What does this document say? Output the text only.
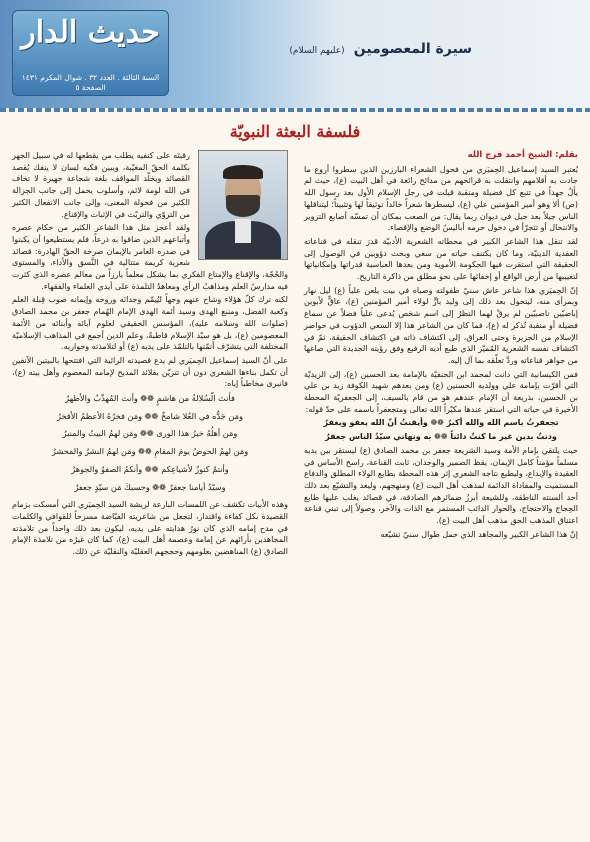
حديث الدار
السنة الثالثة . العدد ٣٢ . شوال المكرم ١٤٣١
الصفحة ٥
سيرة المعصومين (عليهم السلام)
فلسفة البعثة النبويّة
بقلم: الشيخ أحمد فرج الله

يُعتبر السيد إسماعيل الحِميَري من فحول الشعراء البارزين الذين سطروا أروع ما جادت به أقلامهم وانتقلت به قرائحهم من مدائح رائعة في أهل البيت (ع)، حيث لم يألُ جهداً في تتبع كل فضيلة ومنقبة قيلت في رجل الإسلام الأول بعد رسول الله (ص) ألا وهو أمير المؤمنين علي (ع)، ليسطرها شعراً خالداً توثيقاً لها وتثبيتاً؛ ليتناقلها الناس جيلاً بعد جيل في ديوان ربما يقال: من الصعب بمكان أن تمسّه أصابع التزوير والانتحال أو تتجرّأ في دخول حرمه أباليسُ الوضع والإقصاء.

لقد تنقل هذا الشاعر الكبير في محطاته الشعرية الأدبيّة قدرَ تنقله في قناعاته العقدية الدينيّة، وما كان يكتنف حياته من سعي وبحث دؤوبين في الوصول إلى الحقيقة التي استقرت فيها الحكومة الأموية ومن بعدها العباسية قدراتها وإمكانياتها لتغييبها من أرض الواقع أو إخفائها على نحو مطلق من ذاكرة التاريخ.

إنّ الحِميَري هذا شاعر عاش سنيّ طفولته وصباه في بيت يلعن علياً (ع) ليل نهار وبمرأى منه، ليتحول بعد ذلك إلى وليد بارٍّ لولاء أمير المؤمنين (ع)، عاقٍّ لأبوين إباضيّين ناصبيّين لم يرقْ لهما النظرُ إلى اسم شخص يُدعى علياً فضلاً عن سماع فضيلة أو منقبة تُذكر له (ع)، فما كان من الشاعر هذا إلا السعي الدؤوب في حواضر الإسلام من الجزيرة وحتى العراق، إلى اكتشاف ذاته في اكتشاف الحقيقة، ثمّ في اكتشاف نفسه الشعرية المُميّز الذي طبع أديه الرفيع وفق رؤيته الجديدة التي صاغها من جواهر قناعاته وردَّ تعلّقه بما آل إليه.

فمن الكيسانية التي دانت لمحمد ابن الحنفيّة بالإمامة بعد الحسين (ع)، إلى الزيديّة التي أقرّت بإمامة علي وولديه الحسنين (ع) ومن بعدهم شهيد الكوفة زيد بن علي بن الحسين، بذريعة أن الإمام عندهم هو من قام بالسيف، إلى الجعفريّة المحطة الأخيرة في حياته التي استقر عندها مكبّراً الله تعالى ومتجعفراً باسمه على حدّ قوله:

تجعفرتُ باسم الله والله أكبرُ ❁❁ وأيقنتُ أنّ الله يعفو ويغفرُ
ودنتُ بدين غير ما كنتُ دائناً ❁❁ به ونهاني سيّدُ الناس جعفرُ

حيث يلتقي بإمام الأمة وسيد الشريعة جعفر بن محمد الصادق (ع) ليستقر بين يديه مسلماً مؤمناً كامل الإيمان، يقظ الضمير والوجدان، ثابت القناعة، راسخ الأساس في العقيدة والإبداع، وليطبع نتاجه الشعري إثر هذه المحطة بطابع الولاء المطلق والدفاع المستميت والمفاداة الدائمة لمذهب أهل البيت (ع) ومنهجهم، وليعد والتشيّع بعد ذلك أحد ألسنته الناطقة، وللشيعة أبرزُ ضمائرهم الصادقة، في قصائد يغلب عليها طابع الحِجاج والاحتجاج، والحوار الدائب المستمر مع الذات والآخر، وصولاً إلى تبني قناعة اعتناق المذهب الحق مذهب أهل البيت (ع).

إنّ هذا الشاعر الكبير والمجاهد الذي حمل طوال سنيّ تشيّعه

رقبتَه على كتفيه يطلب من يقطعها له في سبيل الجهر بكلمة الحقّ المغيّبة، ويبين فكيه لسان لا ينفك يُقصد القصائد ويخلّد المواقف بلغة شجاعة جهيرة لا تخاف في الله لومة لائم، وأسلوب يحمل إلى جانب الجزالة الكثير من فحولة المعنى، وإلى جانب الانفعال الكثير من التروّي والتريّث في الإثبات والإقناع.

ولقد أعجز مثل هذا الشاعر الكثير من حكام عصره وأتباعهم الذين ضاقوا به ذرعاً، فلم يستطيعوا أن يكبتوا في صدره العامر بالإيمان صرخة الحقّ الهادرة: قصائد شعرية كريمة متتالية في النَّسق والأداء، والمستوى والحُجّة، والإقناع والإمتاع الفكري بما يشكل معلماً بارزاً من معالم عصره الذي كثرت فيه مدارسُ العلم ومذاهبُ الرأي ومعاهدُ التلمذة على أيدي العلماء والفقهاء.

لكنه ترك كلّ هؤلاء وشاح عنهم وجهاً ليُيمّم وجدانَه وروحه وإيمانه صوب قِبلة العلم وكعبة الفضل، ومنبع الهدى وسيد أئمة الهدى الإمام الهُمام جعفر بن محمد الصادق (صلوات الله وسلامه عليه)، المؤسس الحقيقي لعلوم آبائه وأبنائه من الأئمة المعصومين (ع)، بل هو سيّد الإسلام قاطبةً، وعلم الدين أجمع في المذاهب الإسلاميّة المختلفة التي يتشرّف أتمّتها بالتلمّذ على يديه (ع) أو لتلامذته وحواريه.

على أنّ السيد إسماعيل الحِميَري لم يدع قصيدته الرائية التي افتتحها بالبيتين الآنفين أن تكمل بناءها الشعري دون أن تتزيّن بقلائد المديح لإمامه المعصوم وأهل بيته (ع)، فانبرى مخاطباً إياه:

فأنتَ الّسُلالةُ من هاشمٍ ❁❁ وأنتَ المُهذّبُ والأطهرُ
ومَن جَدُّه في العُلا شامخٌ ❁❁ ومَن فخرُهُ الأعظمُ الأفخرُ
ومَن أهلُهُ خيرُ هذا الورى ❁❁ ومَن لهمُ البيتُ والمنبرُ
ومَن لهمُ الحوضُ يومَ المقامِ ❁❁ ومَن لهمُ النشرُ والمحشرُ
وأنتمْ كنوزٌ لأشياعِكم ❁❁ وأنكمُ الصفوُ والجوهرُ
وسيّدُ أيامنا جعفرٌ ❁❁ وحسبكَ مَن سيّدٍ جعفرُ

وهذه الأبيات تكشف عن اللمسات البارعة لريشة السيد الحِميَري التي أمسكت بزمام القصيدة بكل كفاءة واقتدار، لتجعل من شاعريته الفيّاضة مسرحاً للقوافي والكلمات في مدح إمامه الذي كان نورُ هدايته على يديه، ليكون بعد ذلك واحداً من تلامذته المجاهدين بأرائهم عن إمامة وعصمة أهل البيت (ع)، كما كان غيرُه من تلامذة الإمام الصادق (ع) المناهضين بعلومهم وحججهم العقليّة والنقليّة عن ذلك.
